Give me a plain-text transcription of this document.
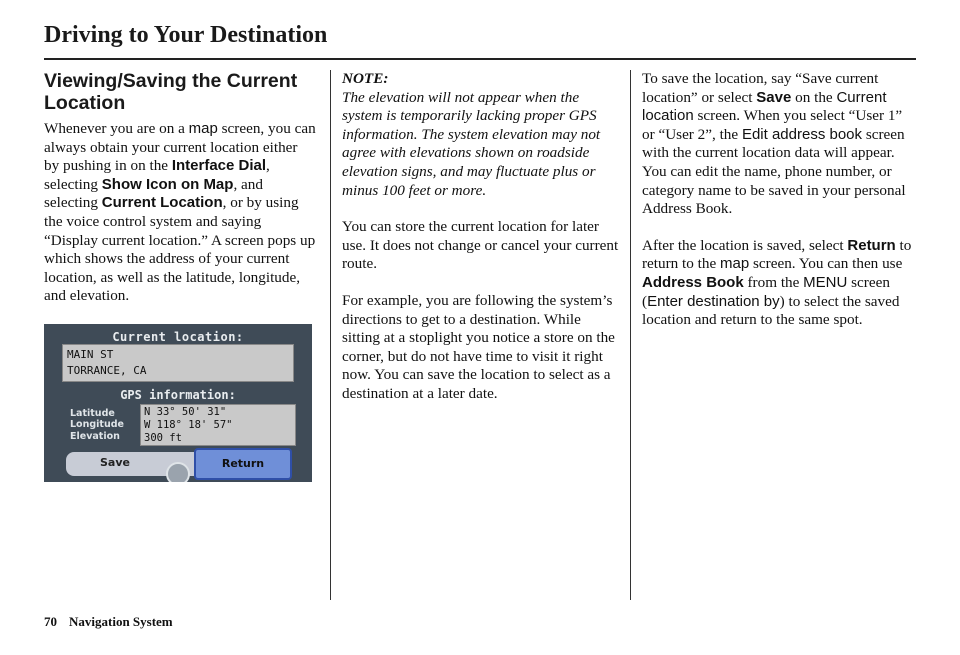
Driving to Your Destination
Viewing/Saving the Current Location

Whenever you are on a map screen, you can always obtain your current location either by pushing in on the Interface Dial, selecting Show Icon on Map, and selecting Current Location, or by using the voice control system and saying “Display current location.” A screen pops up which shows the address of your current location, as well as the latitude, longitude, and elevation.

Current location:
MAIN ST
TORRANCE, CA
GPS information:
Latitude
Longitude
Elevation
N 33° 50' 31"
W 118° 18' 57"
300 ft
Save	Return

NOTE:
The elevation will not appear when the system is temporarily lacking proper GPS information. The system elevation may not agree with elevations shown on roadside elevation signs, and may fluctuate plus or minus 100 feet or more.

You can store the current location for later use. It does not change or cancel your current route.

For example, you are following the system’s directions to get to a destination. While sitting at a stoplight you notice a store on the corner, but do not have time to visit it right now. You can save the location to select as a destination at a later date.

To save the location, say “Save current location” or select Save on the Current location screen. When you select “User 1” or “User 2”, the Edit address book screen with the current location data will appear. You can edit the name, phone number, or category name to be saved in your personal Address Book.

After the location is saved, select Return to return to the map screen. You can then use Address Book from the MENU screen (Enter destination by) to select the saved location and return to the same spot.

70 Navigation System
